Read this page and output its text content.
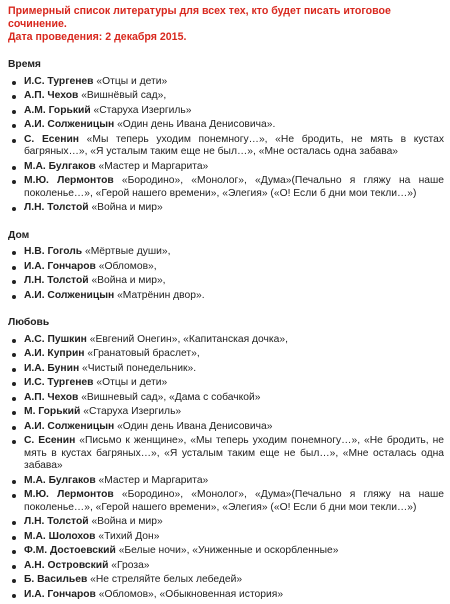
Примерный список литературы для всех тех, кто будет писать итоговое сочинение.
Дата проведения: 2 декабря 2015.
Время
И.С. Тургенев «Отцы и дети»
А.П. Чехов «Вишнёвый сад»,
А.М. Горький «Старуха Изергиль»
А.И. Солженицын «Один день Ивана Денисовича».
С. Есенин «Мы теперь уходим понемногу…», «Не бродить, не мять в кустах багряных…», «Я усталым таким еще не был…», «Мне осталась одна забава»
М.А. Булгаков «Мастер и Маргарита»
М.Ю. Лермонтов «Бородино», «Монолог», «Дума»(Печально я гляжу на наше поколенье…», «Герой нашего времени», «Элегия» («О! Если б дни мои текли…»)
Л.Н. Толстой «Война и мир»
Дом
Н.В. Гоголь «Мёртвые души»,
И.А. Гончаров «Обломов»,
Л.Н. Толстой «Война и мир»,
А.И. Солженицын «Матрёнин двор».
Любовь
А.С. Пушкин «Евгений Онегин», «Капитанская дочка»,
А.И. Куприн «Гранатовый браслет»,
И.А. Бунин «Чистый понедельник».
И.С. Тургенев «Отцы и дети»
А.П. Чехов «Вишневый сад», «Дама с собачкой»
М. Горький «Старуха Изергиль»
А.И. Солженицын «Один день Ивана Денисовича»
С. Есенин «Письмо к женщине», «Мы теперь уходим понемногу…», «Не бродить, не мять в кустах багряных…», «Я усталым таким еще не был…», «Мне осталась одна забава»
М.А. Булгаков «Мастер и Маргарита»
М.Ю. Лермонтов «Бородино», «Монолог», «Дума»(Печально я гляжу на наше поколенье…», «Герой нашего времени», «Элегия» («О! Если б дни мои текли…»)
Л.Н. Толстой «Война и мир»
М.А. Шолохов «Тихий Дон»
Ф.М. Достоевский «Белые ночи», «Униженные и оскорбленные»
А.Н. Островский «Гроза»
Б. Васильев «Не стреляйте белых лебедей»
И.А. Гончаров «Обломов», «Обыкновенная история»
